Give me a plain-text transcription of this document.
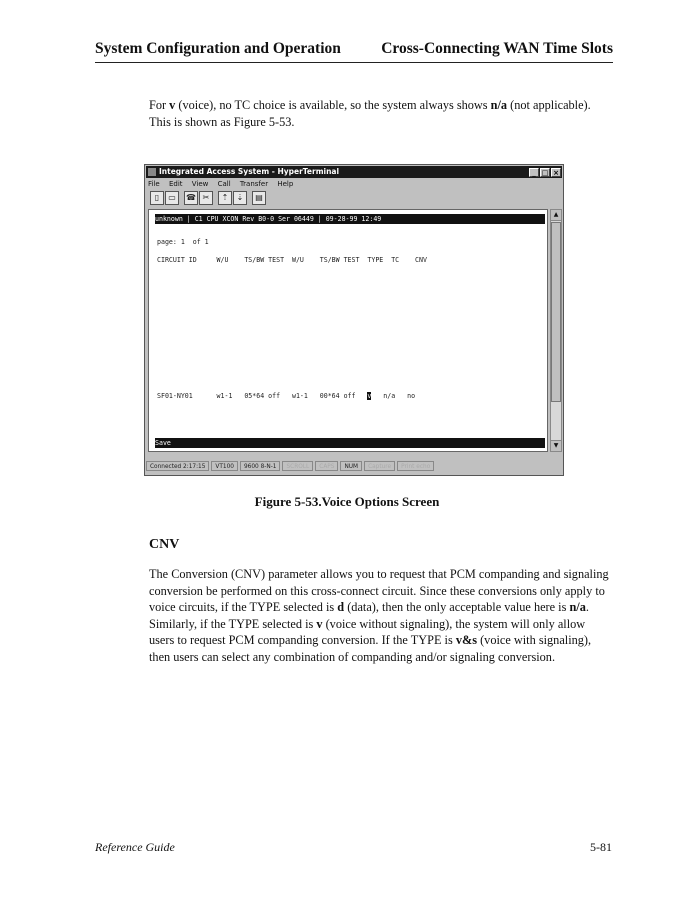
System Configuration and Operation	Cross-Connecting WAN Time Slots
For v (voice), no TC choice is available, so the system always shows n/a (not applicable). This is shown as Figure 5-53.
Integrated Access System - HyperTerminal	_ □ ×
File Edit View Call Transfer Help
▯ ▭ ☎ ✂ ⇡ ⇣ ▤
unknown | C1 CPU XCON Rev B0-0 Ser 06449 | 09-28-99 12:49
page: 1  of 1
CIRCUIT ID     W/U    TS/BW TEST  W/U    TS/BW TEST  TYPE  TC    CNV
SF01-NY01      w1-1   05*64 off   w1-1   00*64 off   v   n/a   no
Save
▲
▼
Connected 2:17:15 VT100 9600 8-N-1 SCROLL CAPS NUM Capture Print echo
Figure 5-53.Voice Options Screen
CNV
The Conversion (CNV) parameter allows you to request that PCM companding and signaling conversion be performed on this cross-connect circuit. Since these conversions only apply to voice circuits, if the TYPE selected is d (data), then the only acceptable value here is n/a. Similarly, if the TYPE selected is v (voice without signaling), the system will only allow users to request PCM companding conversion. If the TYPE is v&s (voice with signaling), then users can select any combination of companding and/or signaling conversion.
Reference Guide	5-81
